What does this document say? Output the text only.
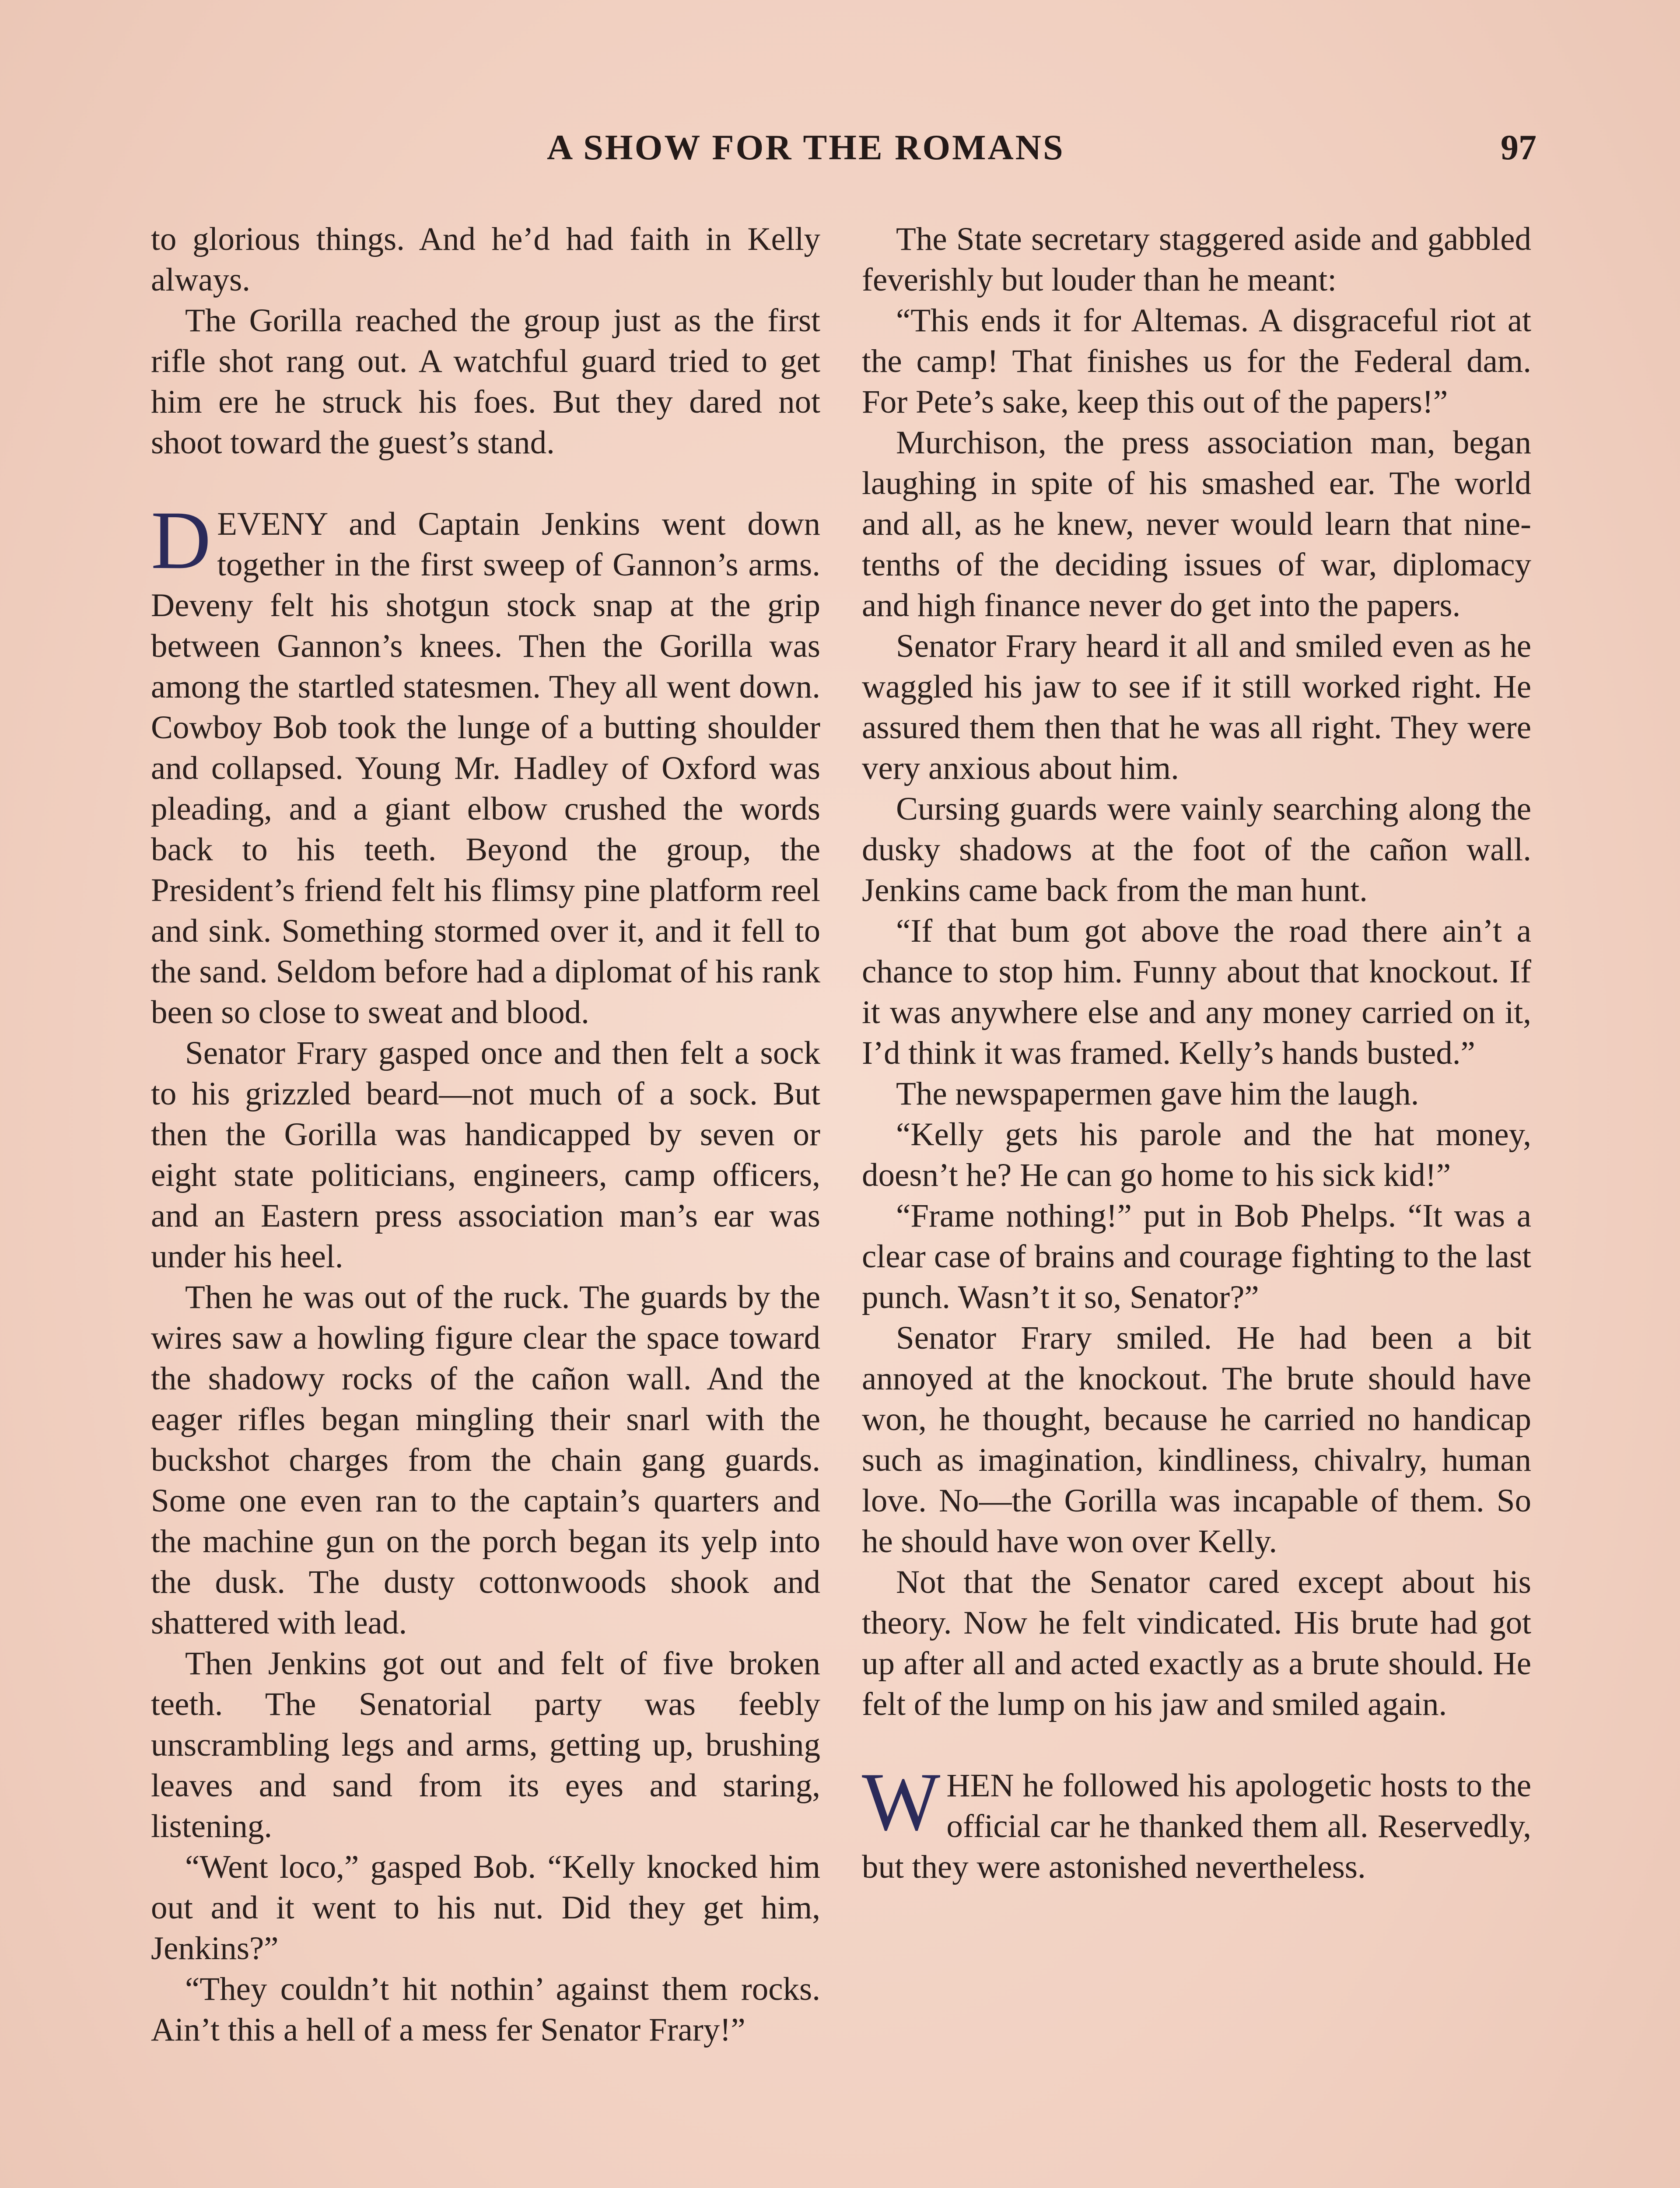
A SHOW FOR THE ROMANS	97

to glorious things. And he’d had faith in Kelly always.

The Gorilla reached the group just as the first rifle shot rang out. A watchful guard tried to get him ere he struck his foes. But they dared not shoot toward the guest’s stand.

DEVENY and Captain Jenkins went down together in the first sweep of Gannon’s arms. Deveny felt his shotgun stock snap at the grip between Gannon’s knees. Then the Gorilla was among the startled statesmen. They all went down. Cowboy Bob took the lunge of a butting shoulder and collapsed. Young Mr. Hadley of Oxford was pleading, and a giant elbow crushed the words back to his teeth. Beyond the group, the President’s friend felt his flimsy pine platform reel and sink. Something stormed over it, and it fell to the sand. Seldom before had a diplomat of his rank been so close to sweat and blood.

Senator Frary gasped once and then felt a sock to his grizzled beard—not much of a sock. But then the Gorilla was handicapped by seven or eight state politicians, engineers, camp officers, and an Eastern press association man’s ear was under his heel.

Then he was out of the ruck. The guards by the wires saw a howling figure clear the space toward the shadowy rocks of the cañon wall. And the eager rifles began mingling their snarl with the buckshot charges from the chain gang guards. Some one even ran to the captain’s quarters and the machine gun on the porch began its yelp into the dusk. The dusty cottonwoods shook and shattered with lead.

Then Jenkins got out and felt of five broken teeth. The Senatorial party was feebly unscrambling legs and arms, getting up, brushing leaves and sand from its eyes and staring, listening.

“Went loco,” gasped Bob. “Kelly knocked him out and it went to his nut. Did they get him, Jenkins?”

“They couldn’t hit nothin’ against them rocks. Ain’t this a hell of a mess fer Senator Frary!”

The State secretary staggered aside and gabbled feverishly but louder than he meant:

“This ends it for Altemas. A disgraceful riot at the camp! That finishes us for the Federal dam. For Pete’s sake, keep this out of the papers!”

Murchison, the press association man, began laughing in spite of his smashed ear. The world and all, as he knew, never would learn that nine-tenths of the deciding issues of war, diplomacy and high finance never do get into the papers.

Senator Frary heard it all and smiled even as he waggled his jaw to see if it still worked right. He assured them then that he was all right. They were very anxious about him.

Cursing guards were vainly searching along the dusky shadows at the foot of the cañon wall. Jenkins came back from the man hunt.

“If that bum got above the road there ain’t a chance to stop him. Funny about that knockout. If it was anywhere else and any money carried on it, I’d think it was framed. Kelly’s hands busted.”

The newspapermen gave him the laugh.

“Kelly gets his parole and the hat money, doesn’t he? He can go home to his sick kid!”

“Frame nothing!” put in Bob Phelps. “It was a clear case of brains and courage fighting to the last punch. Wasn’t it so, Senator?”

Senator Frary smiled. He had been a bit annoyed at the knockout. The brute should have won, he thought, because he carried no handicap such as imagination, kindliness, chivalry, human love. No—the Gorilla was incapable of them. So he should have won over Kelly.

Not that the Senator cared except about his theory. Now he felt vindicated. His brute had got up after all and acted exactly as a brute should. He felt of the lump on his jaw and smiled again.

WHEN he followed his apologetic hosts to the official car he thanked them all. Reservedly, but they were astonished nevertheless.
